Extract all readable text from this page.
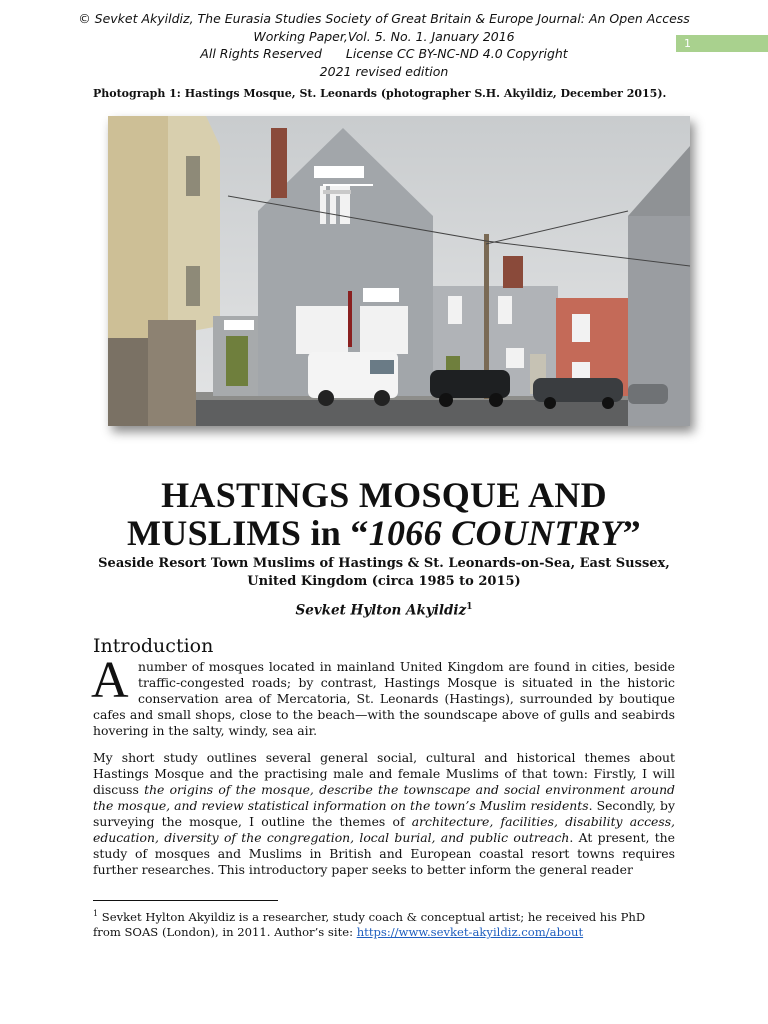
© Sevket Akyildiz, The Eurasia Studies Society of Great Britain & Europe Journal: An Open Access
Working Paper,Vol. 5. No. 1. January 2016
All Rights Reserved License CC BY-NC-ND 4.0 Copyright
2021 revised edition
1
Photograph 1: Hastings Mosque, St. Leonards (photographer S.H. Akyildiz, December 2015).
HASTINGS MOSQUE AND
MUSLIMS in “1066 COUNTRY”
Seaside Resort Town Muslims of Hastings & St. Leonards-on-Sea, East Sussex, United Kingdom (circa 1985 to 2015)
Sevket Hylton Akyildiz$^1$
Introduction
A number of mosques located in mainland United Kingdom are found in cities, beside
traffic-congested roads; by contrast, Hastings Mosque is situated in the historic
conservation area of Mercatoria, St. Leonards (Hastings), surrounded by boutique
cafes and small shops, close to the beach—with the soundscape above of gulls and seabirds
hovering in the salty, windy, sea air.
My short study outlines several general social, cultural and historical themes about Hastings Mosque and the practising male and female Muslims of that town: Firstly, I will discuss the origins of the mosque, describe the townscape and social environment around the mosque, and review statistical information on the town’s Muslim residents. Secondly, by surveying the mosque, I outline the themes of architecture, facilities, disability access, education, diversity of the congregation, local burial, and public outreach. At present, the study of mosques and Muslims in British and European coastal resort towns requires further researches. This introductory paper seeks to better inform the general reader
$^1$ Sevket Hylton Akyildiz is a researcher, study coach & conceptual artist; he received his PhD from SOAS (London), in 2011. Author’s site: https://www.sevket-akyildiz.com/about
